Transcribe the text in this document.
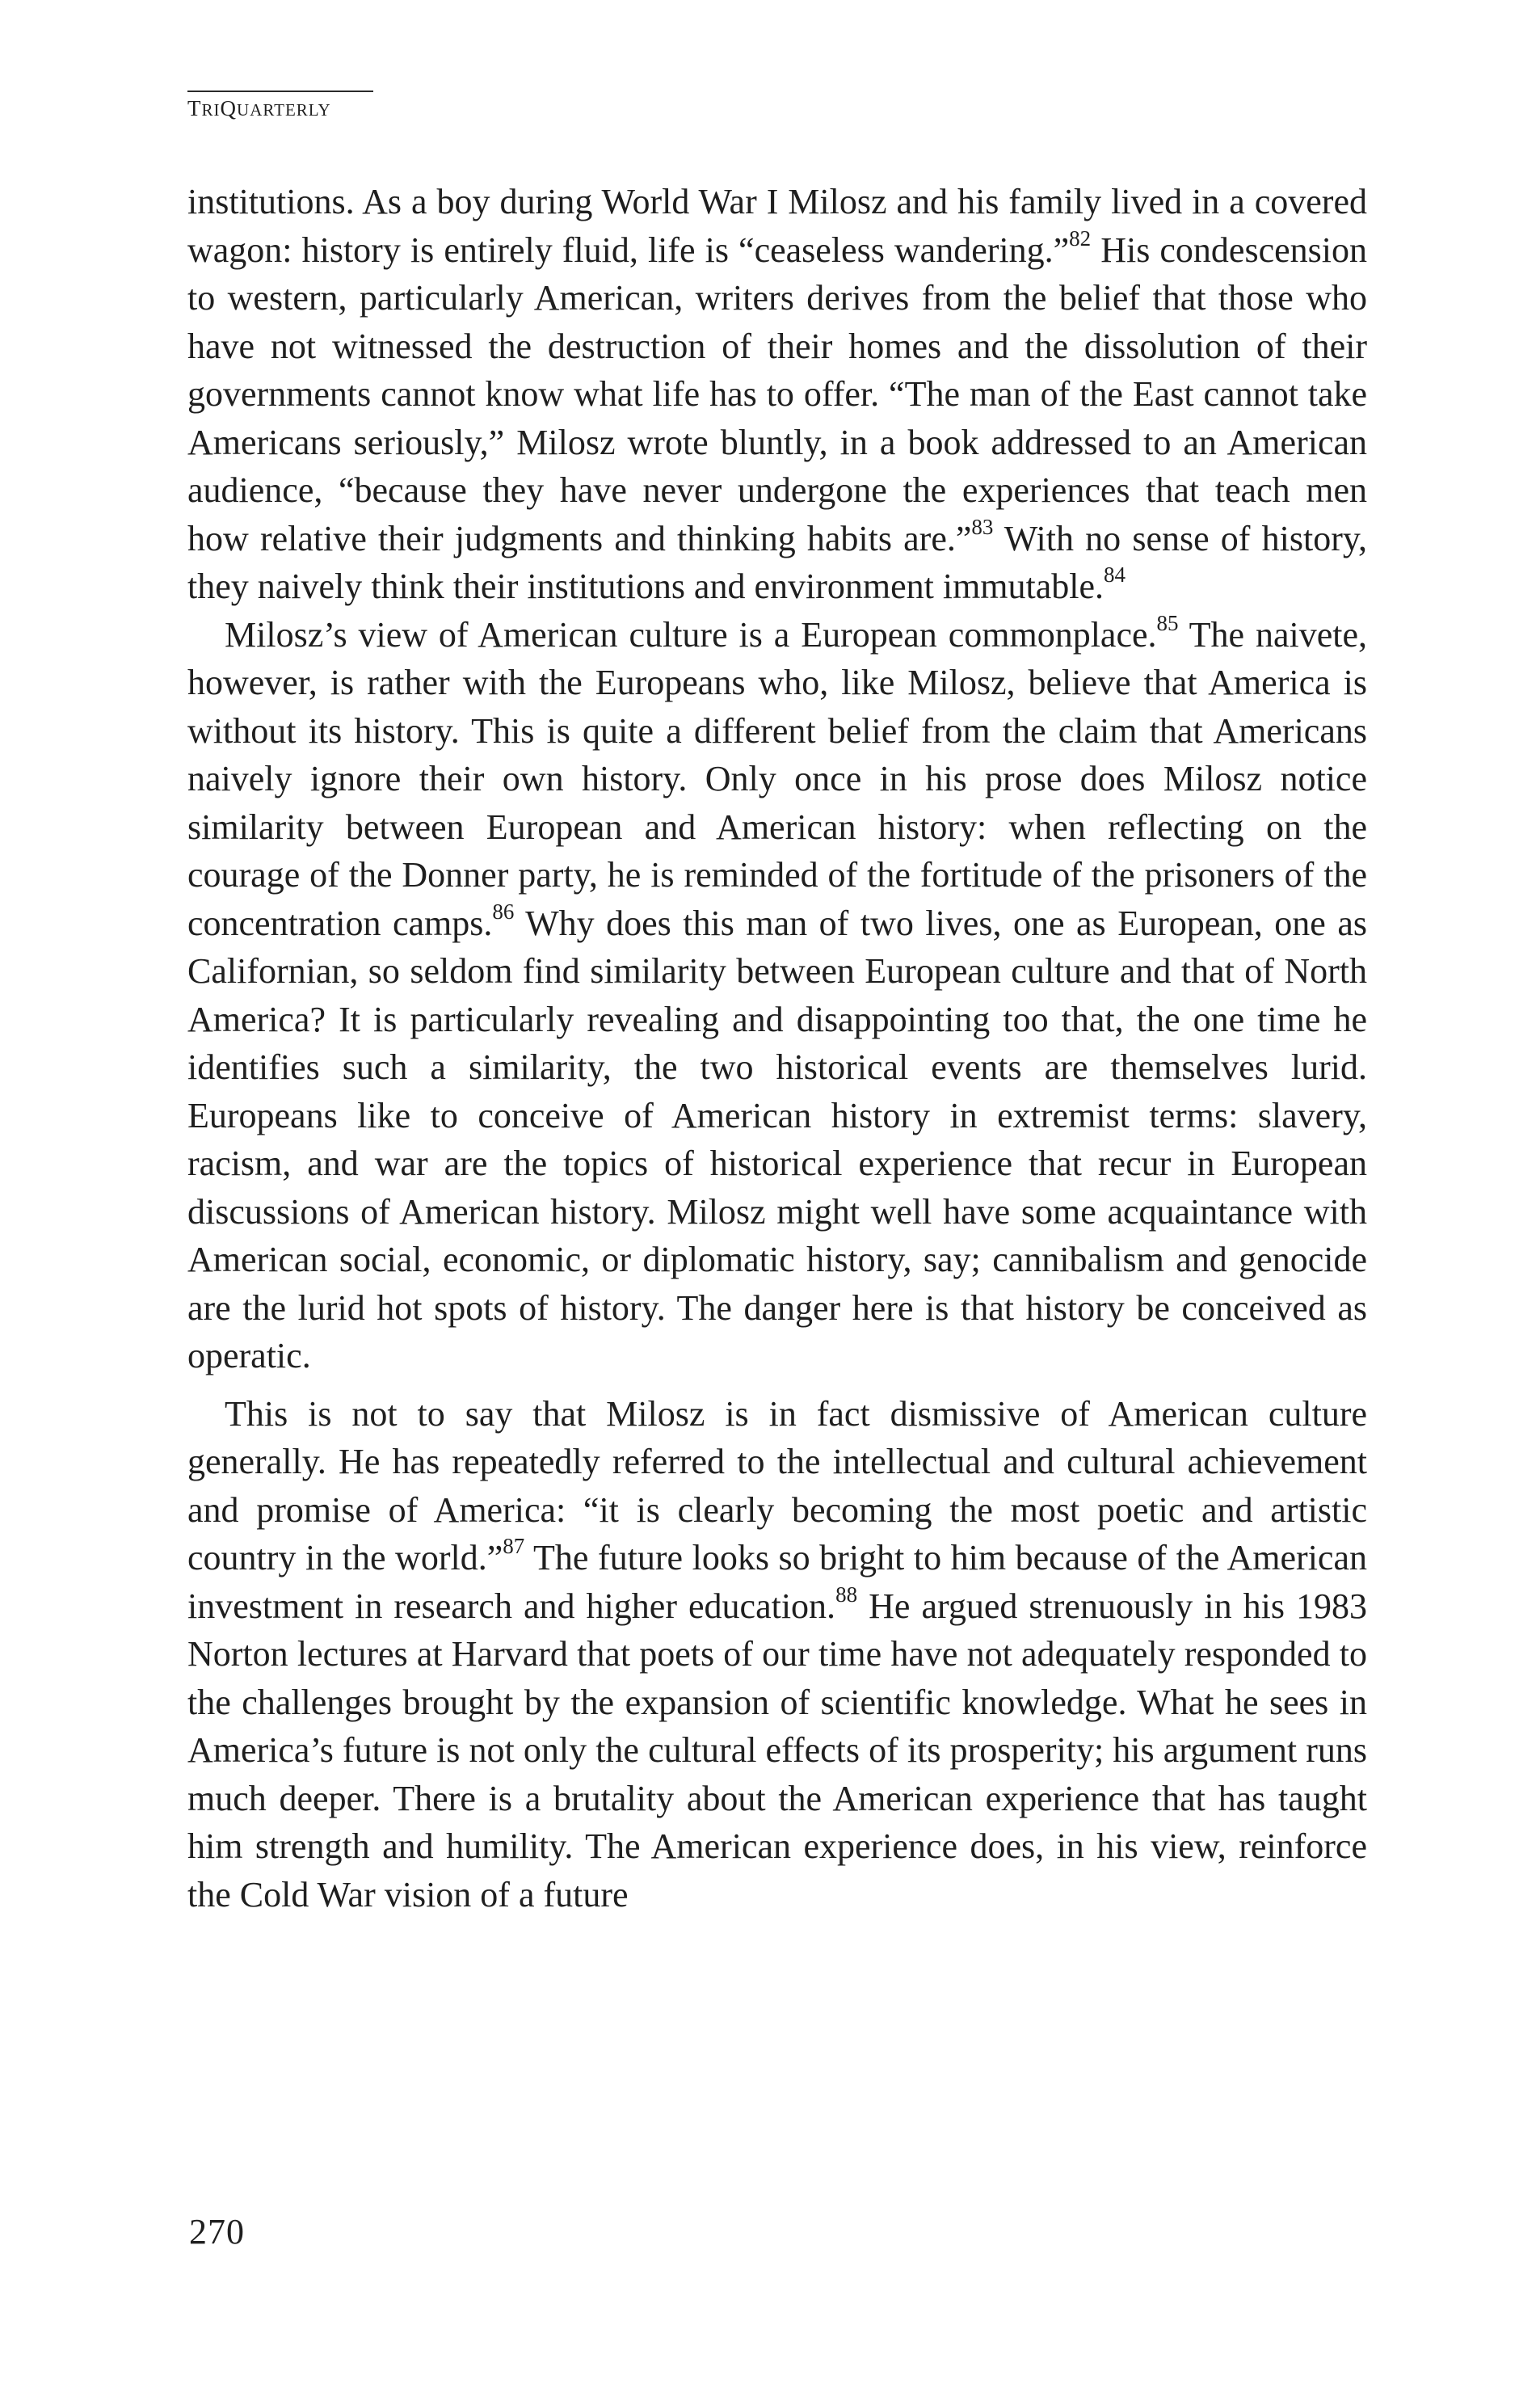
TRIQUARTERLY

institutions. As a boy during World War I Milosz and his family lived in a covered wagon: history is entirely fluid, life is “ceaseless wandering.”$^{82}$ His condescension to western, particularly American, writers derives from the belief that those who have not witnessed the destruction of their homes and the dissolution of their governments cannot know what life has to offer. “The man of the East cannot take Americans seriously,” Milosz wrote bluntly, in a book addressed to an American audience, “because they have never undergone the experiences that teach men how relative their judgments and thinking habits are.”$^{83}$ With no sense of history, they naively think their institutions and environment immutable.$^{84}$

Milosz’s view of American culture is a European commonplace.$^{85}$ The naivete, however, is rather with the Europeans who, like Milosz, believe that America is without its history. This is quite a different belief from the claim that Americans naively ignore their own history. Only once in his prose does Milosz notice similarity between European and American history: when reflecting on the courage of the Donner party, he is reminded of the fortitude of the prisoners of the concentration camps.$^{86}$ Why does this man of two lives, one as European, one as Californian, so seldom find similarity between European culture and that of North America? It is particularly revealing and disappointing too that, the one time he identifies such a similarity, the two historical events are themselves lurid. Europeans like to conceive of American history in extremist terms: slavery, racism, and war are the topics of historical experience that recur in European discussions of American history. Milosz might well have some acquaintance with American social, economic, or diplomatic history, say; cannibalism and genocide are the lurid hot spots of history. The danger here is that history be conceived as operatic.

This is not to say that Milosz is in fact dismissive of American culture generally. He has repeatedly referred to the intellectual and cultural achievement and promise of America: “it is clearly becoming the most poetic and artistic country in the world.”$^{87}$ The future looks so bright to him because of the American investment in research and higher education.$^{88}$ He argued strenuously in his 1983 Norton lectures at Harvard that poets of our time have not adequately responded to the challenges brought by the expansion of scientific knowledge. What he sees in America’s future is not only the cultural effects of its prosperity; his argument runs much deeper. There is a brutality about the American experience that has taught him strength and humility. The American experience does, in his view, reinforce the Cold War vision of a future

270
